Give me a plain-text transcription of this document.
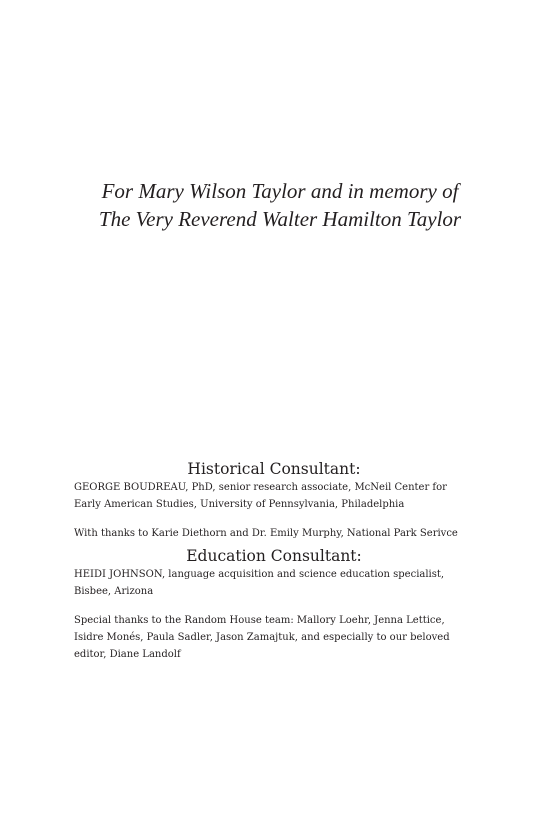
For Mary Wilson Taylor and in memory of
The Very Reverend Walter Hamilton Taylor
Historical Consultant:
GEORGE BOUDREAU, PhD, senior research associate, McNeil Center for
Early American Studies, University of Pennsylvania, Philadelphia
With thanks to Karie Diethorn and Dr. Emily Murphy, National Park Serivce
Education Consultant:
HEIDI JOHNSON, language acquisition and science education specialist,
Bisbee, Arizona
Special thanks to the Random House team: Mallory Loehr, Jenna Lettice,
Isidre Monés, Paula Sadler, Jason Zamajtuk, and especially to our beloved
editor, Diane Landolf
